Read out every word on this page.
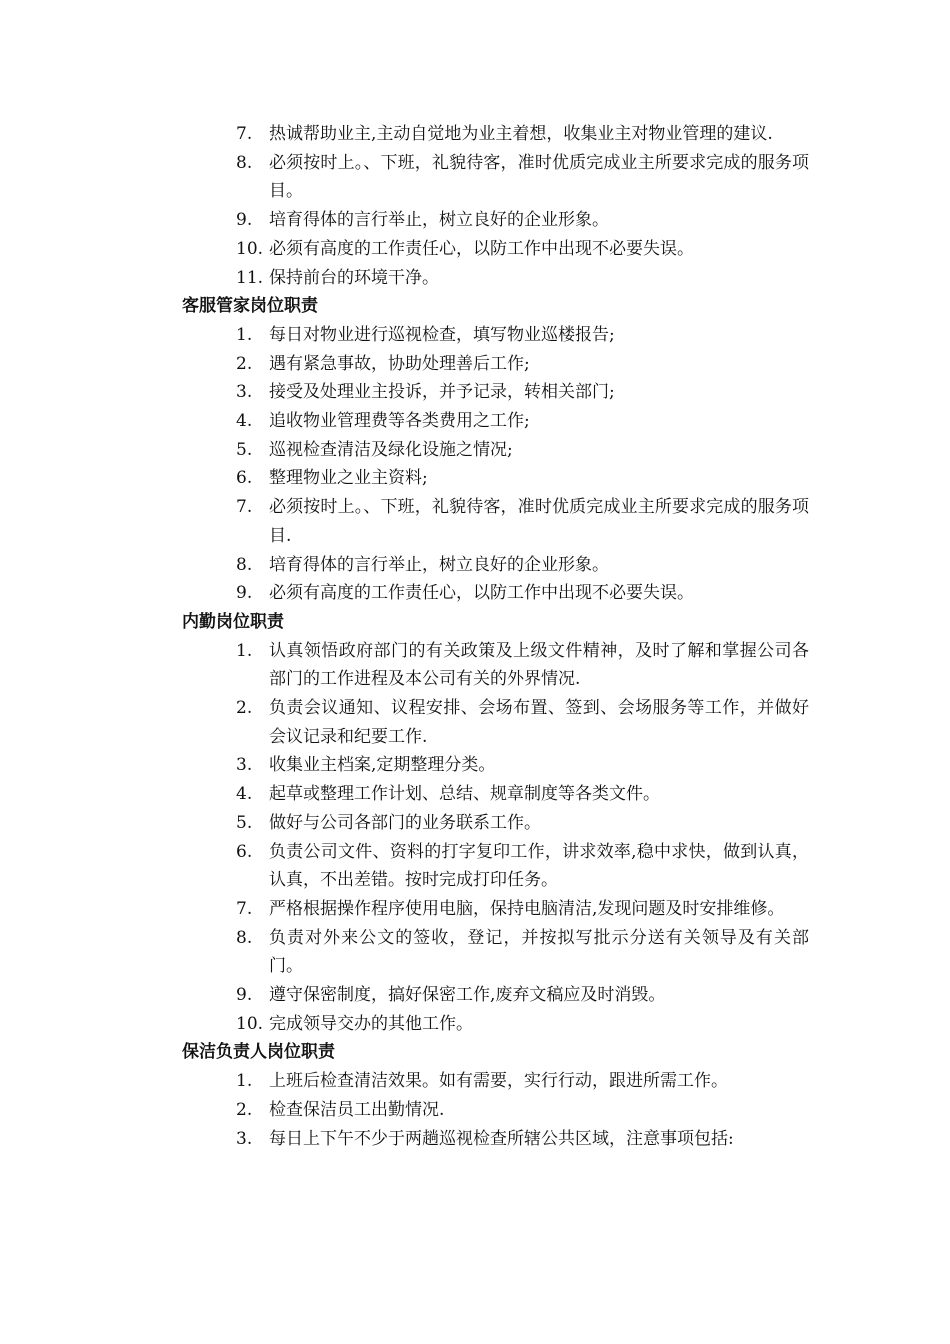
7. 热诚帮助业主,主动自觉地为业主着想，收集业主对物业管理的建议.
8. 必须按时上。、下班，礼貌待客，准时优质完成业主所要求完成的服务项目。
9. 培育得体的言行举止，树立良好的企业形象。
10. 必须有高度的工作责任心，以防工作中出现不必要失误。
11. 保持前台的环境干净。
客服管家岗位职责
1. 每日对物业进行巡视检查，填写物业巡楼报告;
2. 遇有紧急事故，协助处理善后工作;
3. 接受及处理业主投诉，并予记录，转相关部门;
4. 追收物业管理费等各类费用之工作;
5. 巡视检查清洁及绿化设施之情况;
6. 整理物业之业主资料;
7. 必须按时上。、下班，礼貌待客，准时优质完成业主所要求完成的服务项目.
8. 培育得体的言行举止，树立良好的企业形象。
9. 必须有高度的工作责任心，以防工作中出现不必要失误。
内勤岗位职责
1. 认真领悟政府部门的有关政策及上级文件精神，及时了解和掌握公司各部门的工作进程及本公司有关的外界情况.
2. 负责会议通知、议程安排、会场布置、签到、会场服务等工作，并做好会议记录和纪要工作.
3. 收集业主档案,定期整理分类。
4. 起草或整理工作计划、总结、规章制度等各类文件。
5. 做好与公司各部门的业务联系工作。
6. 负责公司文件、资料的打字复印工作，讲求效率,稳中求快，做到认真，认真，不出差错。按时完成打印任务。
7. 严格根据操作程序使用电脑，保持电脑清洁,发现问题及时安排维修。
8. 负责对外来公文的签收，登记，并按拟写批示分送有关领导及有关部门。
9. 遵守保密制度，搞好保密工作,废弃文稿应及时消毁。
10. 完成领导交办的其他工作。
保洁负责人岗位职责
1. 上班后检查清洁效果。如有需要，实行行动，跟进所需工作。
2. 检查保洁员工出勤情况.
3. 每日上下午不少于两趟巡视检查所辖公共区域，注意事项包括:
